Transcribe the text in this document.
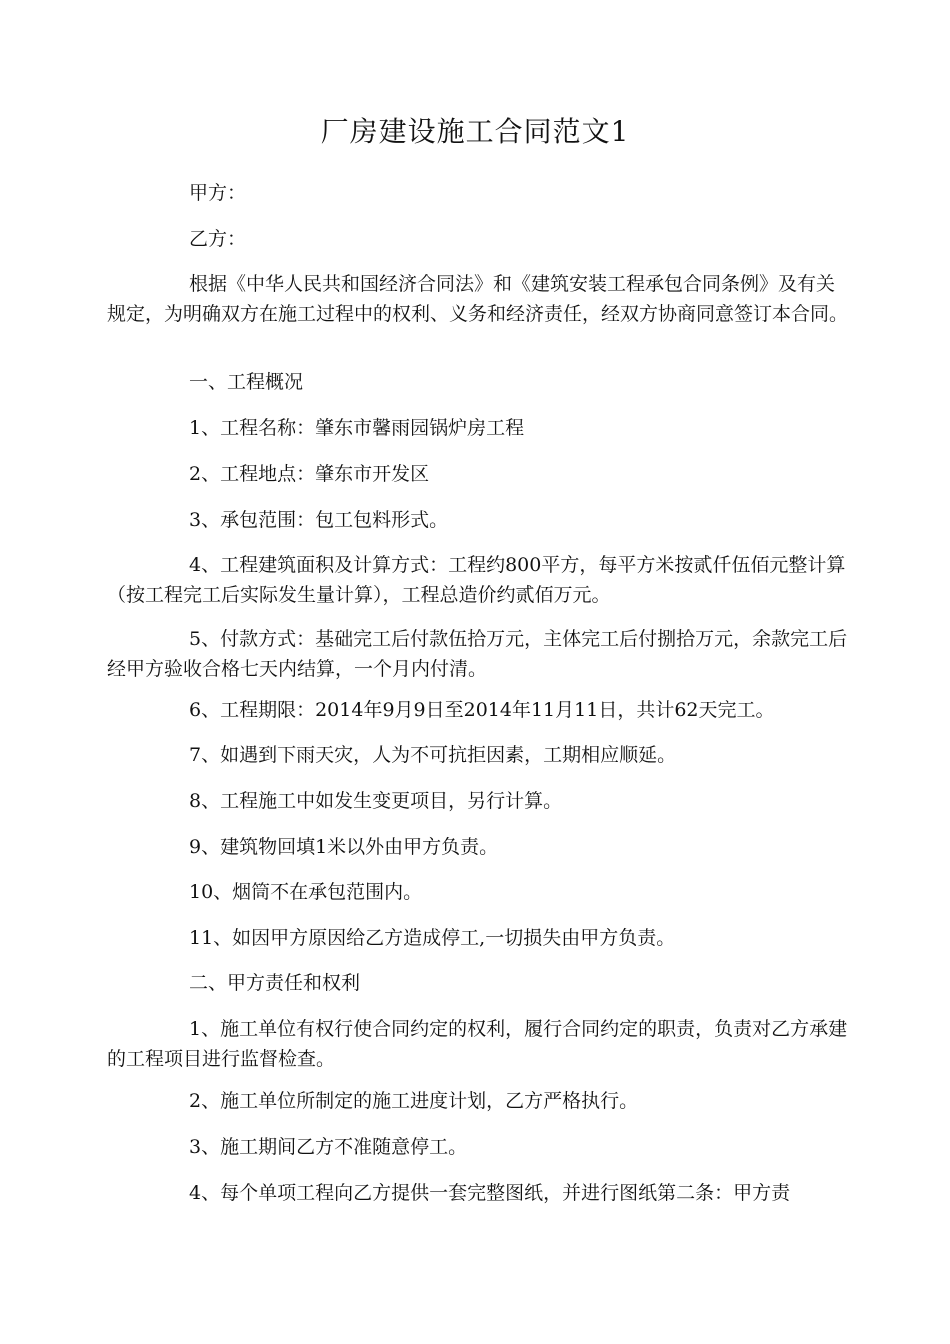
厂房建设施工合同范文1

甲方：

乙方：

根据《中华人民共和国经济合同法》和《建筑安装工程承包合同条例》及有关规定，为明确双方在施工过程中的权利、义务和经济责任，经双方协商同意签订本合同。

一、工程概况

1、工程名称：肇东市馨雨园锅炉房工程

2、工程地点：肇东市开发区

3、承包范围：包工包料形式。

4、工程建筑面积及计算方式：工程约800平方，每平方米按贰仟伍佰元整计算（按工程完工后实际发生量计算），工程总造价约贰佰万元。

5、付款方式：基础完工后付款伍拾万元，主体完工后付捌拾万元，余款完工后经甲方验收合格七天内结算，一个月内付清。

6、工程期限：2014年9月9日至2014年11月11日，共计62天完工。

7、如遇到下雨天灾，人为不可抗拒因素，工期相应顺延。

8、工程施工中如发生变更项目，另行计算。

9、建筑物回填1米以外由甲方负责。

10、烟筒不在承包范围内。

11、如因甲方原因给乙方造成停工,一切损失由甲方负责。

二、甲方责任和权利

1、施工单位有权行使合同约定的权利，履行合同约定的职责，负责对乙方承建的工程项目进行监督检查。

2、施工单位所制定的施工进度计划，乙方严格执行。

3、施工期间乙方不准随意停工。

4、每个单项工程向乙方提供一套完整图纸，并进行图纸第二条：甲方责
